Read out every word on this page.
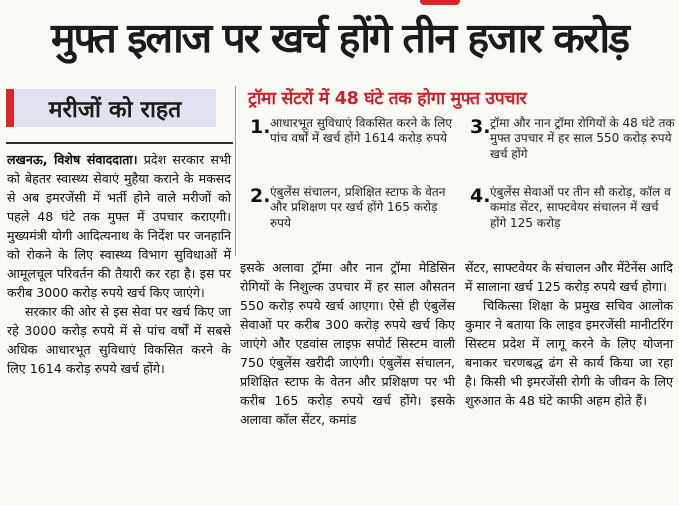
मुफ्त इलाज पर खर्च होंगे तीन हजार करोड़
मरीजों को राहत	ट्रॉमा सेंटरों में 48 घंटे तक होगा मुफ्त उपचार
1. आधारभूत सुविधाएं विकसित करने के लिए पांच वर्षों में खर्च होंगे 1614 करोड़ रुपये
2. एंबुलेंस संचालन, प्रशिक्षित स्टाफ के वेतन और प्रशिक्षण पर खर्च होंगे 165 करोड़ रुपये
3. ट्रॉमा और नान ट्रॉमा रोगियों के 48 घंटे तक मुफ्त उपचार में हर साल 550 करोड़ रुपये खर्च होंगे
4. एंबुलेंस सेवाओं पर तीन सौ करोड़, कॉल व कमांड सेंटर, साफ्टवेयर संचालन में खर्च होंगे 125 करोड़

लखनऊ, विशेष संवाददाता। प्रदेश सरकार सभी को बेहतर स्वास्थ्य सेवाएं मुहैया कराने के मकसद से अब इमरजेंसी में भर्ती होने वाले मरीजों को पहले 48 घंटे तक मुफ्त में उपचार कराएगी। मुख्यमंत्री योगी आदित्यनाथ के निर्देश पर जनहानि को रोकने के लिए स्वास्थ्य विभाग सुविधाओं में आमूलचूल परिवर्तन की तैयारी कर रहा है। इस पर करीब 3000 करोड़ रुपये खर्च किए जाएंगे।

सरकार की ओर से इस सेवा पर खर्च किए जा रहे 3000 करोड़ रुपये में से पांच वर्षों में सबसे अधिक आधारभूत सुविधाएं विकसित करने के लिए 1614 करोड़ रुपये खर्च होंगे।

इसके अलावा ट्रॉमा और नान ट्रॉमा मेडिसिन रोगियों के निशुल्क उपचार में हर साल औसतन 550 करोड़ रुपये खर्च आएगा। ऐसे ही एंबुलेंस सेवाओं पर करीब 300 करोड़ रुपये खर्च किए जाएंगे और एडवांस लाइफ सपोर्ट सिस्टम वाली 750 एंबुलेंस खरीदी जाएंगी। एंबुलेंस संचालन, प्रशिक्षित स्टाफ के वेतन और प्रशिक्षण पर भी करीब 165 करोड़ रुपये खर्च होंगे। इसके अलावा कॉल सेंटर, कमांड

सेंटर, साफ्टवेयर के संचालन और मेंटेनेंस आदि में सालाना खर्च 125 करोड़ रुपये खर्च होगा।

चिकित्सा शिक्षा के प्रमुख सचिव आलोक कुमार ने बताया कि लाइव इमरजेंसी मानीटरिंग सिस्टम प्रदेश में लागू करने के लिए योजना बनाकर चरणबद्ध ढंग से कार्य किया जा रहा है। किसी भी इमरजेंसी रोगी के जीवन के लिए शुरुआत के 48 घंटे काफी अहम होते हैं।
